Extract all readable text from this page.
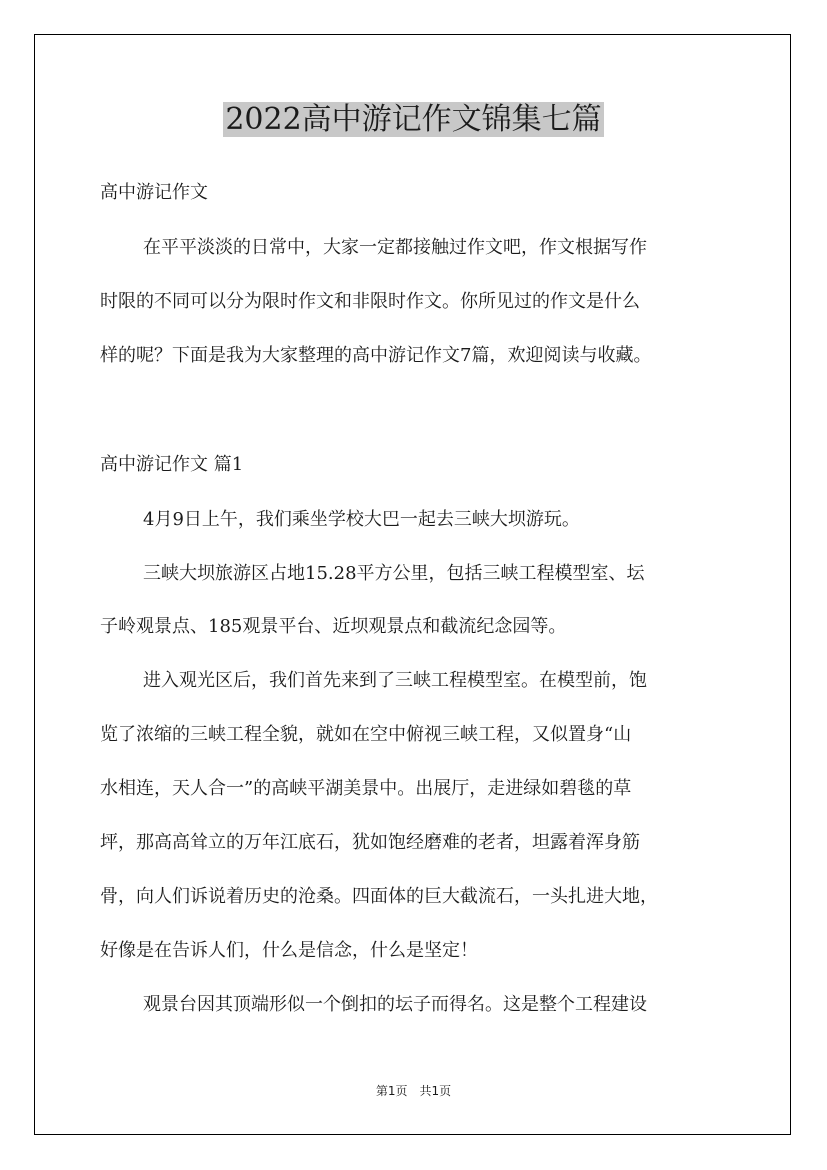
2022高中游记作文锦集七篇

高中游记作文

在平平淡淡的日常中，大家一定都接触过作文吧，作文根据写作

时限的不同可以分为限时作文和非限时作文。你所见过的作文是什么

样的呢？下面是我为大家整理的高中游记作文7篇，欢迎阅读与收藏。

高中游记作文 篇1

4月9日上午，我们乘坐学校大巴一起去三峡大坝游玩。

三峡大坝旅游区占地15.28平方公里，包括三峡工程模型室、坛

子岭观景点、185观景平台、近坝观景点和截流纪念园等。

进入观光区后，我们首先来到了三峡工程模型室。在模型前，饱

览了浓缩的三峡工程全貌，就如在空中俯视三峡工程，又似置身“山

水相连，天人合一”的高峡平湖美景中。出展厅，走进绿如碧毯的草

坪，那高高耸立的万年江底石，犹如饱经磨难的老者，坦露着浑身筋

骨，向人们诉说着历史的沧桑。四面体的巨大截流石，一头扎进大地，

好像是在告诉人们，什么是信念，什么是坚定！

观景台因其顶端形似一个倒扣的坛子而得名。这是整个工程建设

第1页　共1页
